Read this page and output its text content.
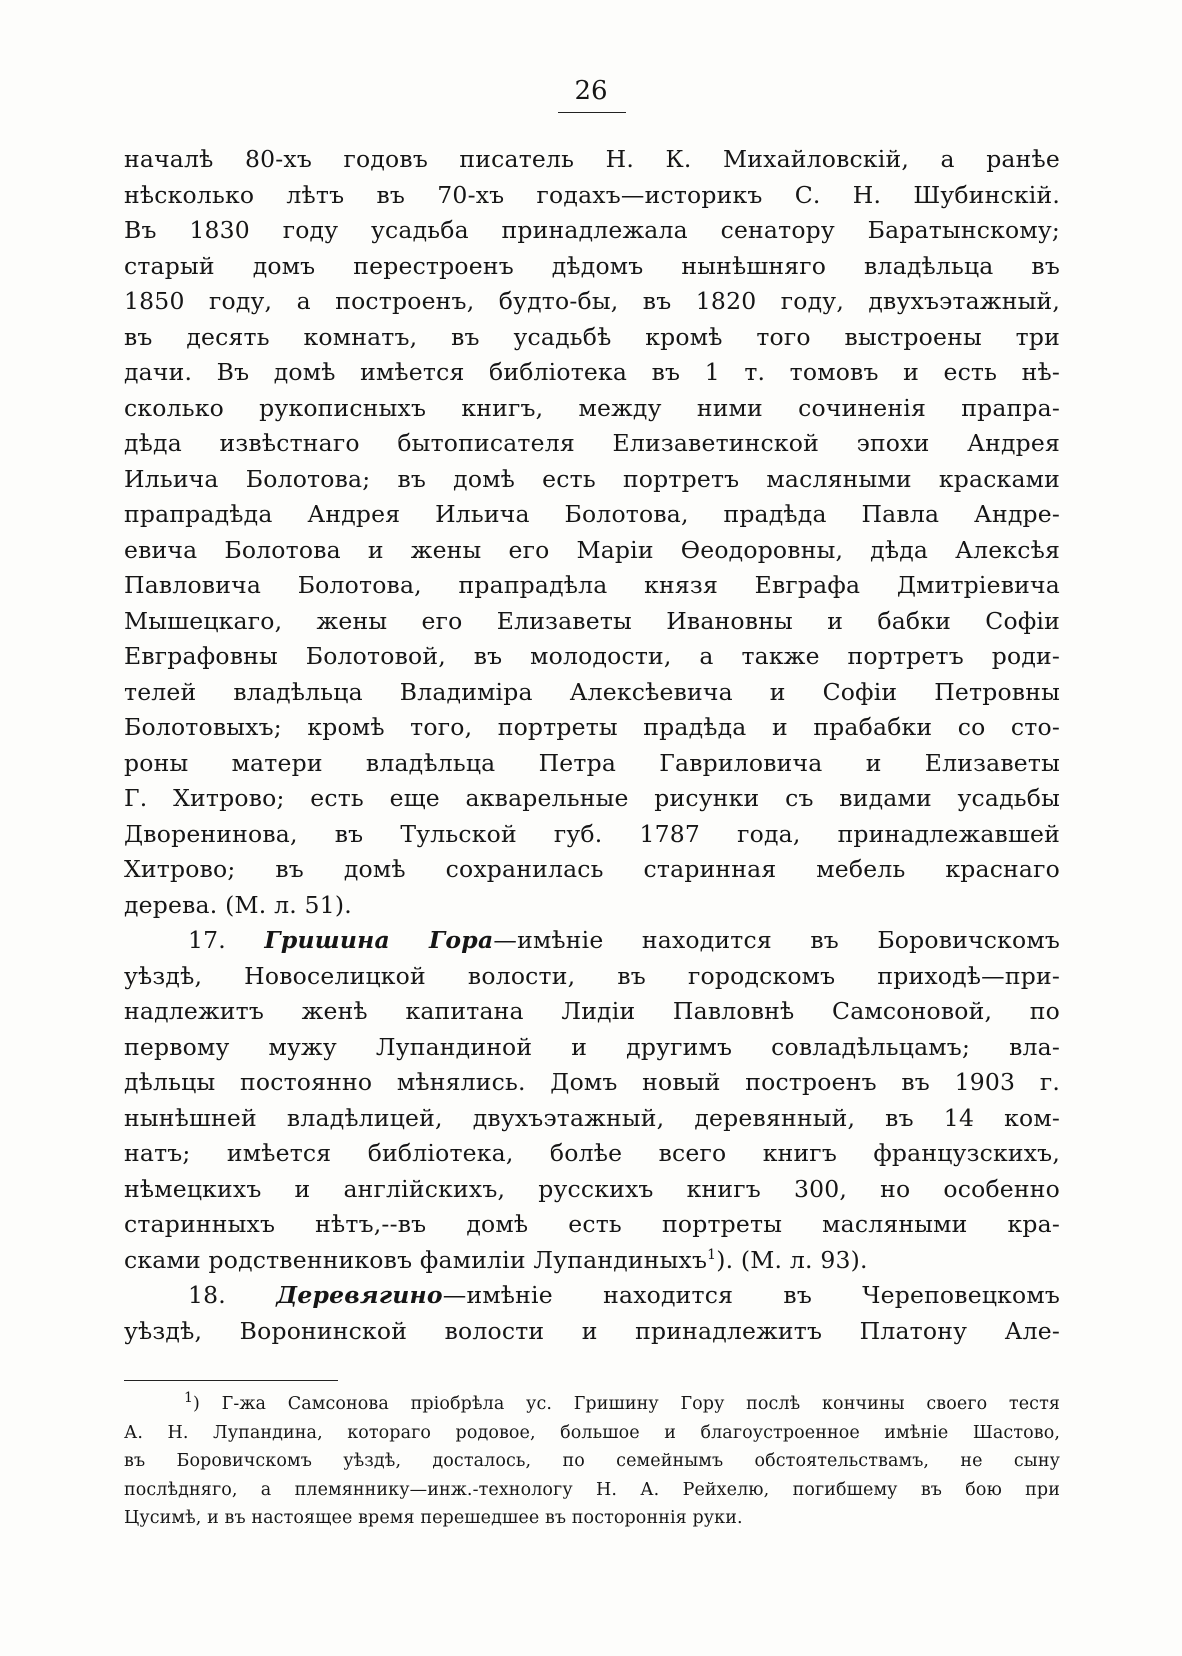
26
началѣ 80-хъ годовъ писатель Н. К. Михайловскій, а ранѣе
нѣсколько лѣтъ въ 70-хъ годахъ—историкъ С. Н. Шубинскій.
Въ 1830 году усадьба принадлежала сенатору Баратынскому;
старый домъ перестроенъ дѣдомъ нынѣшняго владѣльца въ
1850 году, а построенъ, будто-бы, въ 1820 году, двухъэтажный,
въ десять комнатъ, въ усадьбѣ кромѣ того выстроены три
дачи. Въ домѣ имѣется библіотека въ 1 т. томовъ и есть нѣ-
сколько рукописныхъ книгъ, между ними сочиненія прапра-
дѣда извѣстнаго бытописателя Елизаветинской эпохи Андрея
Ильича Болотова; въ домѣ есть портретъ масляными красками
прапрадѣда Андрея Ильича Болотова, прадѣда Павла Андре-
евича Болотова и жены его Маріи Ѳеодоровны, дѣда Алексѣя
Павловича Болотова, прапрадѣла князя Евграфа Дмитріевича
Мышецкаго, жены его Елизаветы Ивановны и бабки Софіи
Евграфовны Болотовой, въ молодости, а также портретъ роди-
телей владѣльца Владиміра Алексѣевича и Софіи Петровны
Болотовыхъ; кромѣ того, портреты прадѣда и прабабки со сто-
роны матери владѣльца Петра Гавриловича и Елизаветы
Г. Хитрово; есть еще акварельные рисунки съ видами усадьбы
Двоpенинова, въ Тульской губ. 1787 года, принадлежавшей
Хитрово; въ домѣ сохранилась старинная мебель краснаго
дерева. (М. л. 51).
17. Гришина Гора—имѣніе находится въ Боровичскомъ
уѣздѣ, Новоселицкой волости, въ городскомъ приходѣ—при-
надлежитъ женѣ капитана Лидіи Павловнѣ Самсоновой, по
первому мужу Лупандиной и другимъ совладѣльцамъ; вла-
дѣльцы постоянно мѣнялись. Домъ новый построенъ въ 1903 г.
нынѣшней владѣлицей, двухъэтажный, деревянный, въ 14 ком-
натъ; имѣется библіотека, болѣе всего книгъ французскихъ,
нѣмецкихъ и англійскихъ, русскихъ книгъ 300, но особенно
старинныхъ нѣтъ,--въ домѣ есть портреты масляными кра-
сками родственниковъ фамиліи Лупандиныхъ$^1$). (М. л. 93).
18. Деревягино—имѣніе находится въ Череповецкомъ
уѣздѣ, Воронинской волости и принадлежитъ Платону Але-
$^1$) Г-жа Самсонова пріобрѣла ус. Гришину Гору послѣ кончины своего тестя
А. Н. Лупандина, котораго родовое, большое и благоустроенное имѣніе Шастово,
въ Боровичскомъ уѣздѣ, досталось, по семейнымъ обстоятельствамъ, не сыну
послѣдняго, а племяннику—инж.-технологу Н. А. Рейхелю, погибшему въ бою при
Цусимѣ, и въ настоящее время перешедшее въ постороннія руки.
